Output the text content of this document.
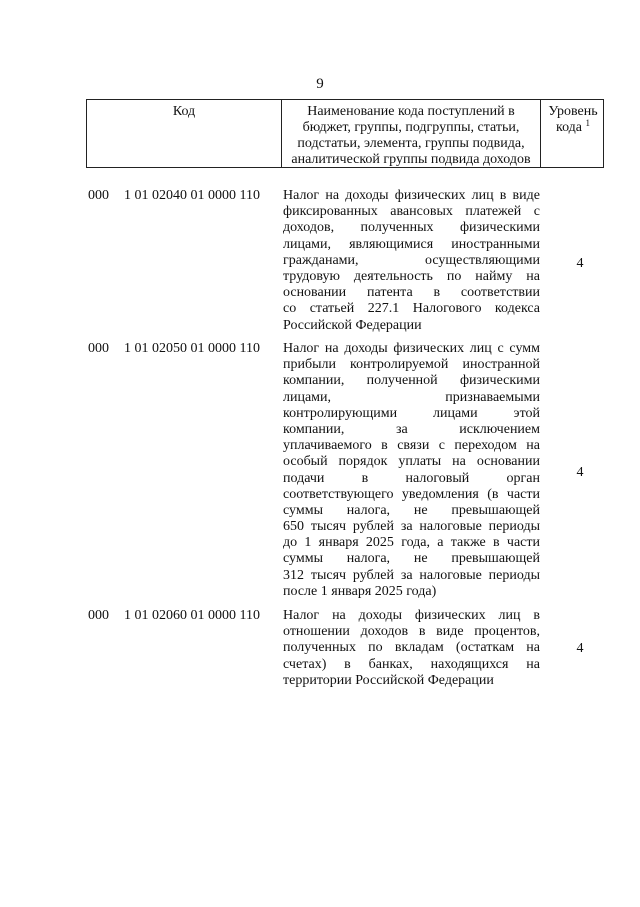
9
Код	Наименование кода поступлений в
бюджет, группы, подгруппы, статьи,
подстатьи, элемента, группы подвида,
аналитической группы подвида доходов
Уровень
кода $^1$
000 1 01 02040 01 0000 110 Налог на доходы физических лиц в виде
фиксированных авансовых платежей с
доходов, полученных физическими
лицами, являющимися иностранными
гражданами, осуществляющими
трудовую деятельность по найму на
основании патента в соответствии
со статьей 227.1 Налогового кодекса
Российской Федерации
4
000 1 01 02050 01 0000 110 Налог на доходы физических лиц с сумм
прибыли контролируемой иностранной
компании, полученной физическими
лицами, признаваемыми
контролирующими лицами этой
компании, за исключением
уплачиваемого в связи с переходом на
особый порядок уплаты на основании
подачи в налоговый орган
соответствующего уведомления (в части
суммы налога, не превышающей
650 тысяч рублей за налоговые периоды
до 1 января 2025 года, а также в части
суммы налога, не превышающей
312 тысяч рублей за налоговые периоды
после 1 января 2025 года)
4
000 1 01 02060 01 0000 110 Налог на доходы физических лиц в
отношении доходов в виде процентов,
полученных по вкладам (остаткам на
счетах) в банках, находящихся на
территории Российской Федерации
4
